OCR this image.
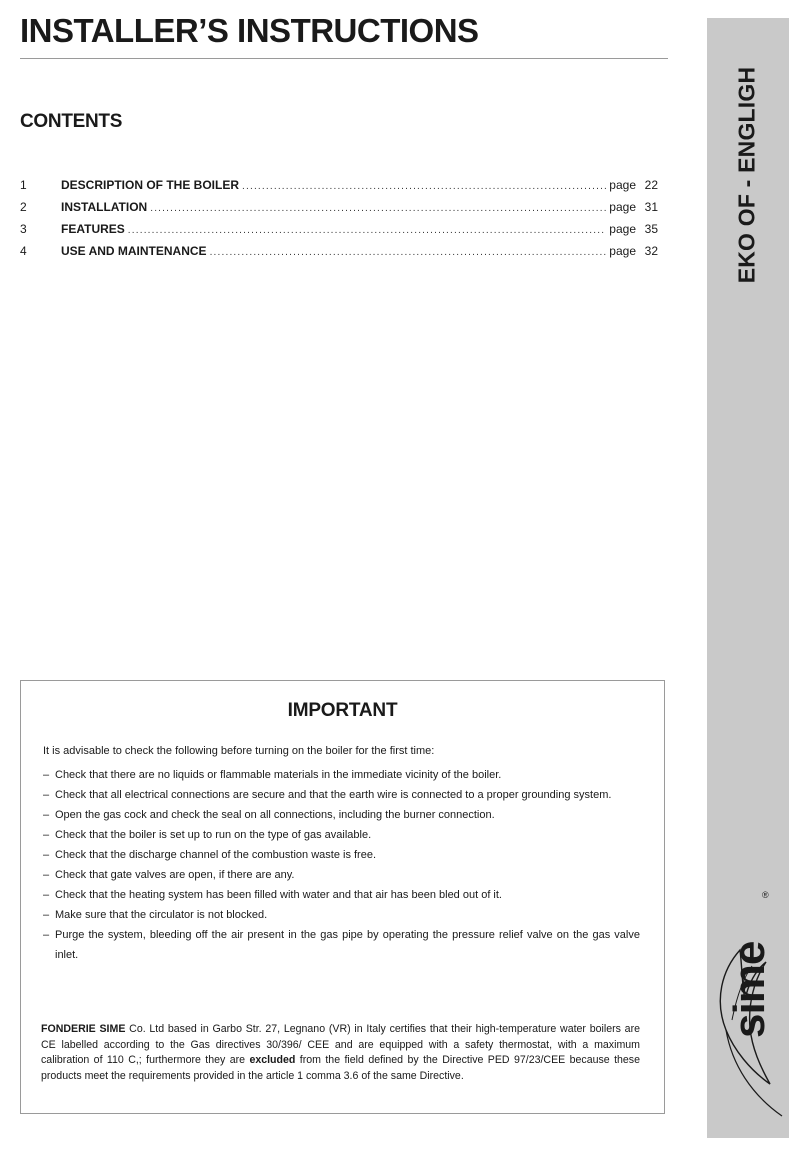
INSTALLER’S INSTRUCTIONS
CONTENTS
1	DESCRIPTION OF THE BOILER .....	page 22
2	INSTALLATION .....	page 31
3	FEATURES .....	page 35
4	USE AND MAINTENANCE .....	page 32	EKO OF - ENGLIGH
sime
®
IMPORTANT
It is advisable to check the following before turning on the boiler for the first time:
– Check that there are no liquids or flammable materials in the immediate vicinity of the boiler.
– Check that all electrical connections are secure and that the earth wire is connected to a proper grounding system.
– Open the gas cock and check the seal on all connections, including the burner connection.
– Check that the boiler is set up to run on the type of gas available.
– Check that the discharge channel of the combustion waste is free.
– Check that gate valves are open, if there are any.
– Check that the heating system has been filled with water and that air has been bled out of it.
– Make sure that the circulator is not blocked.
– Purge the system, bleeding off the air present in the gas pipe by operating the pressure relief valve on the gas valve inlet.

FONDERIE SIME Co. Ltd based in Garbo Str. 27, Legnano (VR) in Italy certifies that their high-temperature water boilers are CE labelled according to the Gas directives 30/396/ CEE and are equipped with a safety thermostat, with a maximum calibration of 110 C,; furthermore they are excluded from the field defined by the Directive PED 97/23/CEE because these products meet the requirements provided in the article 1 comma 3.6 of the same Directive.
